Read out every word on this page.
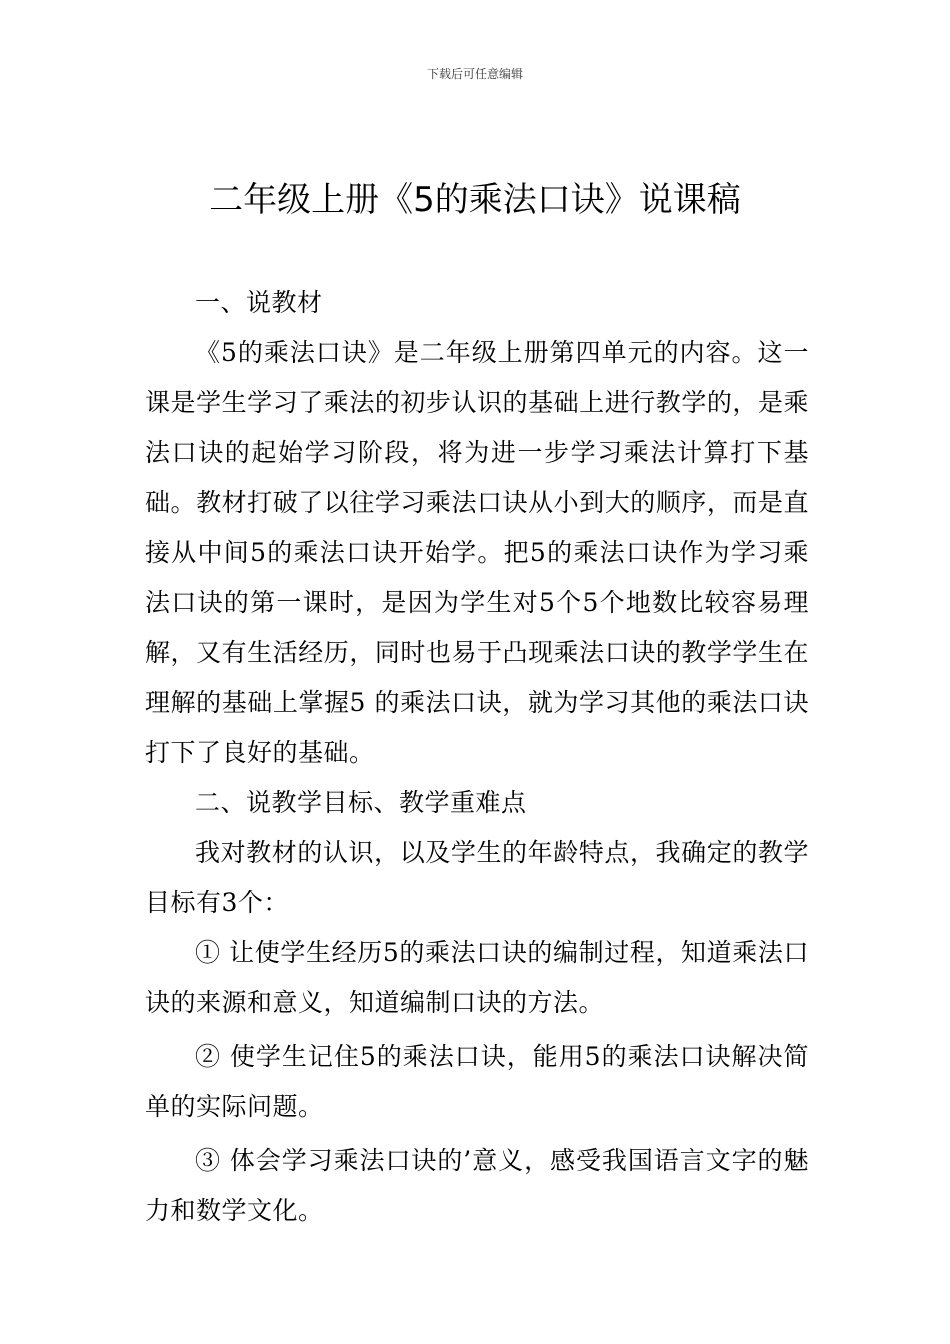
下载后可任意编辑
二年级上册《5的乘法口诀》说课稿

一、说教材

《5的乘法口诀》是二年级上册第四单元的内容。这一课是学生学习了乘法的初步认识的基础上进行教学的，是乘法口诀的起始学习阶段，将为进一步学习乘法计算打下基础。教材打破了以往学习乘法口诀从小到大的顺序，而是直接从中间5的乘法口诀开始学。把5的乘法口诀作为学习乘法口诀的第一课时，是因为学生对5个5个地数比较容易理解，又有生活经历，同时也易于凸现乘法口诀的教学学生在理解的基础上掌握5 的乘法口诀，就为学习其他的乘法口诀打下了良好的基础。

二、说教学目标、教学重难点

我对教材的认识，以及学生的年龄特点，我确定的教学目标有3个：

① 让使学生经历5的乘法口诀的编制过程，知道乘法口诀的来源和意义，知道编制口诀的方法。

② 使学生记住5的乘法口诀，能用5的乘法口诀解决简单的实际问题。

③ 体会学习乘法口诀的’意义，感受我国语言文字的魅力和数学文化。
